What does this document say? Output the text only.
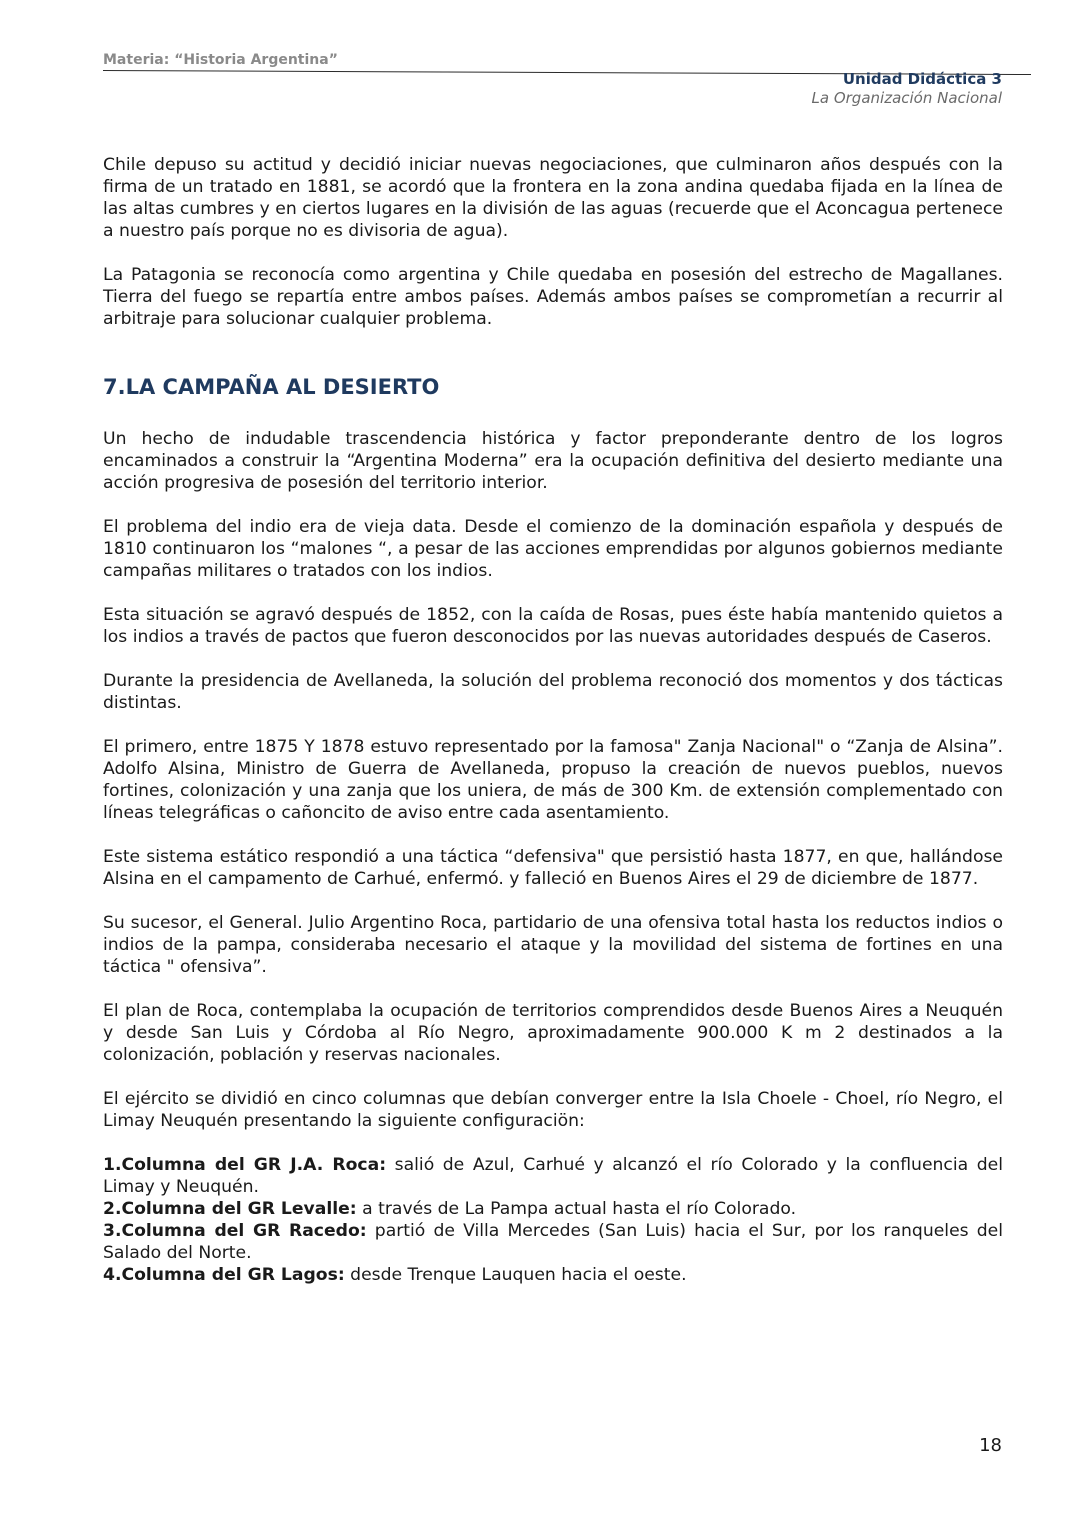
Materia: “Historia Argentina”
Unidad Didáctica 3
La Organización Nacional

Chile depuso su actitud y decidió iniciar nuevas negociaciones, que culminaron años después con la firma de un tratado en 1881, se acordó que la frontera en la zona andina quedaba fijada en la línea de las altas cumbres y en ciertos lugares en la división de las aguas (recuerde que el Aconcagua pertenece a nuestro país porque no es divisoria de agua).

La Patagonia se reconocía como argentina y Chile quedaba en posesión del estrecho de Magallanes. Tierra del fuego se repartía entre ambos países. Además ambos países se comprometían a recurrir al arbitraje para solucionar cualquier problema.

7.LA CAMPAÑA AL DESIERTO

Un hecho de indudable trascendencia histórica y factor preponderante dentro de los logros encaminados a construir la “Argentina Moderna” era la ocupación definitiva del desierto mediante una acción progresiva de posesión del territorio interior.

El problema del indio era de vieja data. Desde el comienzo de la dominación española y después de 1810 continuaron los “malones “, a pesar de las acciones emprendidas por algunos gobiernos mediante campañas militares o tratados con los indios.

Esta situación se agravó después de 1852, con la caída de Rosas, pues éste había mantenido quietos a los indios a través de pactos que fueron desconocidos por las nuevas autoridades después de Caseros.

Durante la presidencia de Avellaneda, la solución del problema reconoció dos momentos y dos tácticas distintas.

El primero, entre 1875 Y 1878 estuvo representado por la famosa" Zanja Nacional" o “Zanja de Alsina”. Adolfo Alsina, Ministro de Guerra de Avellaneda, propuso la creación de nuevos pueblos, nuevos fortines, colonización y una zanja que los uniera, de más de 300 Km. de extensión complementado con líneas telegráficas o cañoncito de aviso entre cada asentamiento.

Este sistema estático respondió a una táctica “defensiva" que persistió hasta 1877, en que, hallándose Alsina en el campamento de Carhué, enfermó. y falleció en Buenos Aires el 29 de diciembre de 1877.

Su sucesor, el General. Julio Argentino Roca, partidario de una ofensiva total hasta los reductos indios o indios de la pampa, consideraba necesario el ataque y la movilidad del sistema de fortines en una táctica " ofensiva”.

El plan de Roca, contemplaba la ocupación de territorios comprendidos desde Buenos Aires a Neuquén y desde San Luis y Córdoba al Río Negro, aproximadamente 900.000 K m 2 destinados a la colonización, población y reservas nacionales.

El ejército se dividió en cinco columnas que debían converger entre la Isla Choele - Choel, río Negro, el Limay Neuquén presentando la siguiente configuraciön:

1.Columna del GR J.A. Roca: salió de Azul, Carhué y alcanzó el río Colorado y la confluencia del Limay y Neuquén.
2.Columna del GR Levalle: a través de La Pampa actual hasta el río Colorado.
3.Columna del GR Racedo: partió de Villa Mercedes (San Luis) hacia el Sur, por los ranqueles del Salado del Norte.
4.Columna del GR Lagos: desde Trenque Lauquen hacia el oeste.
18
